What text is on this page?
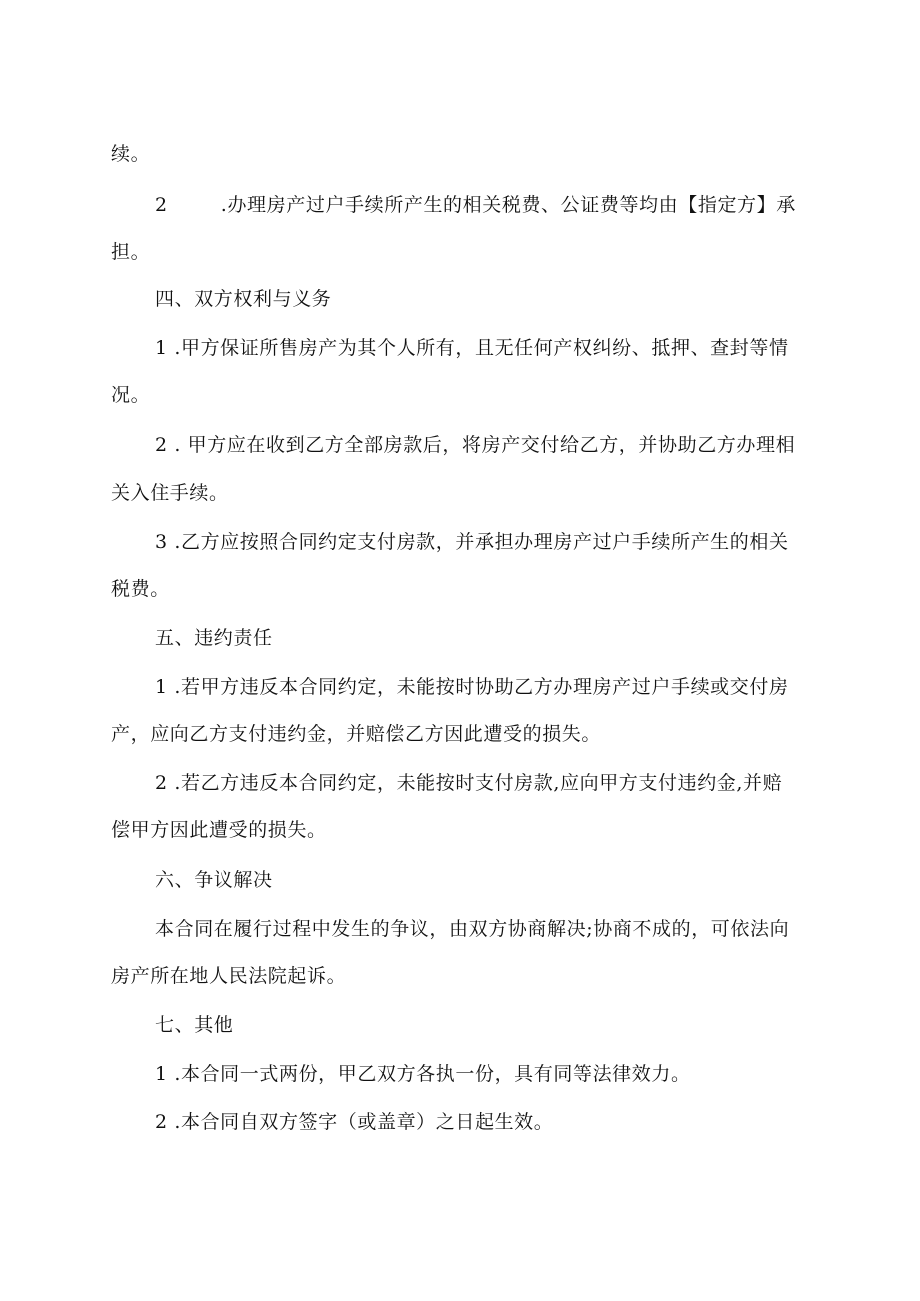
续。
2        .办理房产过户手续所产生的相关税费、公证费等均由【指定方】承
担。
四、双方权利与义务
1 .甲方保证所售房产为其个人所有，且无任何产权纠纷、抵押、查封等情
况。
2 . 甲方应在收到乙方全部房款后，将房产交付给乙方，并协助乙方办理相
关入住手续。
3 .乙方应按照合同约定支付房款，并承担办理房产过户手续所产生的相关
税费。
五、违约责任
1 .若甲方违反本合同约定，未能按时协助乙方办理房产过户手续或交付房
产，应向乙方支付违约金，并赔偿乙方因此遭受的损失。
2 .若乙方违反本合同约定，未能按时支付房款,应向甲方支付违约金,并赔
偿甲方因此遭受的损失。
六、争议解决
本合同在履行过程中发生的争议，由双方协商解决;协商不成的，可依法向
房产所在地人民法院起诉。
七、其他
1 .本合同一式两份，甲乙双方各执一份，具有同等法律效力。
2 .本合同自双方签字（或盖章）之日起生效。
